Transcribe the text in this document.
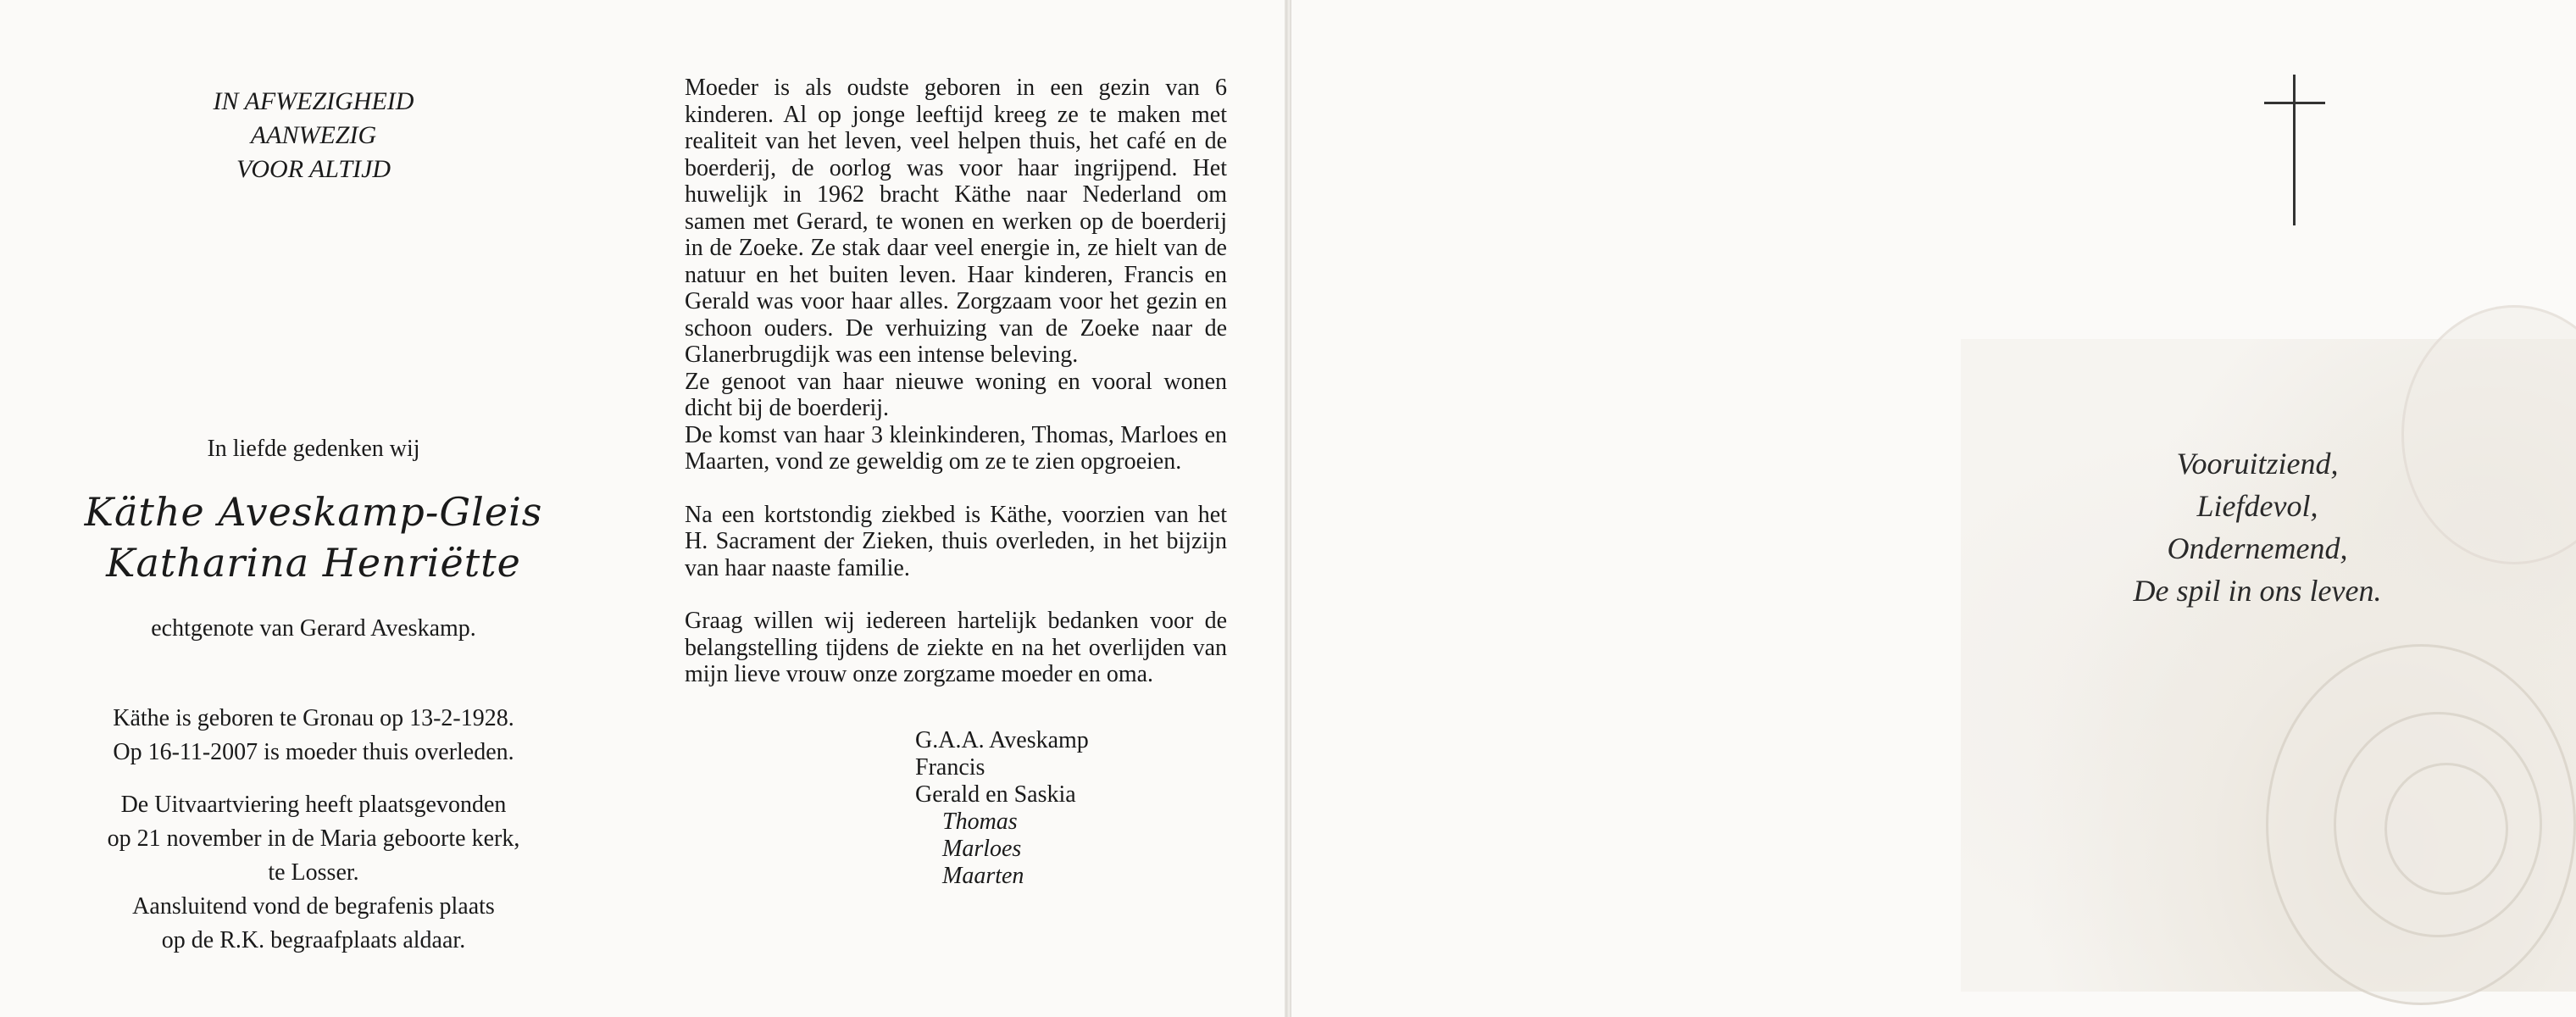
IN AFWEZIGHEID
AANWEZIG
VOOR ALTIJD
In liefde gedenken wij
Käthe Aveskamp-Gleis
Katharina Henriëtte
echtgenote van Gerard Aveskamp.
Käthe is geboren te Gronau op 13-2-1928.
Op 16-11-2007 is moeder thuis overleden.
De Uitvaartviering heeft plaatsgevonden
op 21 november in de Maria geboorte kerk,
te Losser.
Aansluitend vond de begrafenis plaats
op de R.K. begraafplaats aldaar.

Moeder is als oudste geboren in een gezin van 6 kinderen. Al op jonge leeftijd kreeg ze te maken met realiteit van het leven, veel helpen thuis, het café en de boerderij, de oorlog was voor haar ingrijpend. Het huwelijk in 1962 bracht Käthe naar Nederland om samen met Gerard, te wonen en werken op de boerderij in de Zoeke. Ze stak daar veel energie in, ze hielt van de natuur en het buiten leven. Haar kinderen, Francis en Gerald was voor haar alles. Zorgzaam voor het gezin en schoon ouders. De verhuizing van de Zoeke naar de Glanerbrugdijk was een intense beleving.

Ze genoot van haar nieuwe woning en vooral wonen dicht bij de boerderij.

De komst van haar 3 kleinkinderen, Thomas, Marloes en Maarten, vond ze geweldig om ze te zien opgroeien.

Na een kortstondig ziekbed is Käthe, voorzien van het H. Sacrament der Zieken, thuis overleden, in het bijzijn van haar naaste familie.

Graag willen wij iedereen hartelijk bedanken voor de belangstelling tijdens de ziekte en na het overlijden van mijn lieve vrouw onze zorgzame moeder en oma.

G.A.A. Aveskamp
Francis
Gerald en Saskia
Thomas
Marloes
Maarten
Vooruitziend,
Liefdevol,
Ondernemend,
De spil in ons leven.
